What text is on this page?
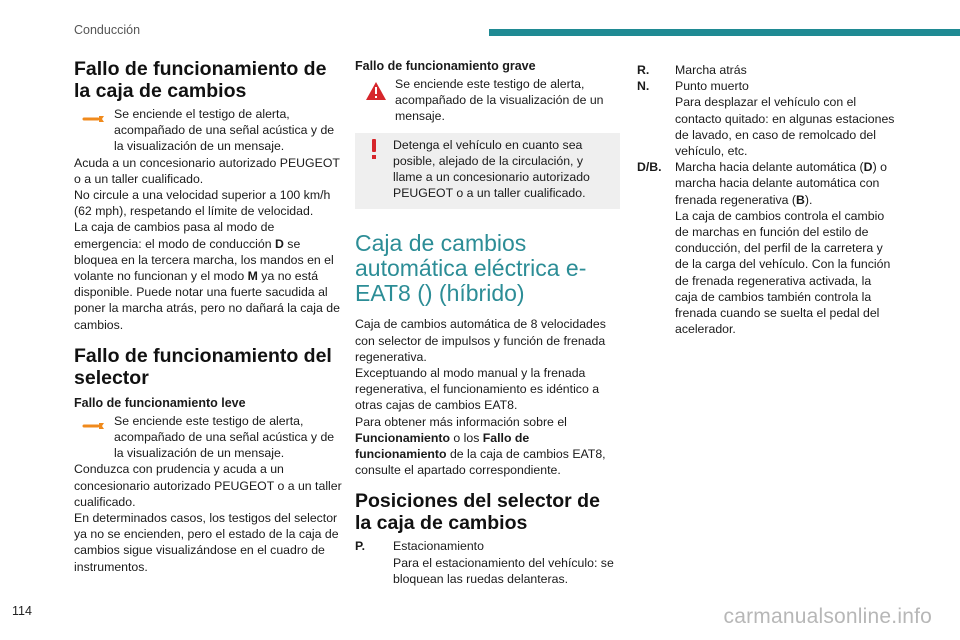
Conducción
Fallo de funcionamiento de la caja de cambios
Se enciende el testigo de alerta, acompañado de una señal acústica y de la visualización de un mensaje.
Acuda a un concesionario autorizado PEUGEOT o a un taller cualificado.
No circule a una velocidad superior a 100 km/h (62 mph), respetando el límite de velocidad.
La caja de cambios pasa al modo de emergencia: el modo de conducción D se bloquea en la tercera marcha, los mandos en el volante no funcionan y el modo M ya no está disponible. Puede notar una fuerte sacudida al poner la marcha atrás, pero no dañará la caja de cambios.
Fallo de funcionamiento del selector
Fallo de funcionamiento leve
Se enciende este testigo de alerta, acompañado de una señal acústica y de la visualización de un mensaje.
Conduzca con prudencia y acuda a un concesionario autorizado PEUGEOT o a un taller cualificado.
En determinados casos, los testigos del selector ya no se encienden, pero el estado de la caja de cambios sigue visualizándose en el cuadro de instrumentos.
Fallo de funcionamiento grave
Se enciende este testigo de alerta, acompañado de la visualización de un mensaje.
Detenga el vehículo en cuanto sea posible, alejado de la circulación, y llame a un concesionario autorizado PEUGEOT o a un taller cualificado.
Caja de cambios automática eléctrica e-EAT8 () (híbrido)
Caja de cambios automática de 8 velocidades con selector de impulsos y función de frenada regenerativa.
Exceptuando al modo manual y la frenada regenerativa, el funcionamiento es idéntico a otras cajas de cambios EAT8.
Para obtener más información sobre el Funcionamiento o los Fallo de funcionamiento de la caja de cambios EAT8, consulte el apartado correspondiente.
Posiciones del selector de la caja de cambios
P.	Estacionamiento
Para el estacionamiento del vehículo: se bloquean las ruedas delanteras.
R.	Marcha atrás
N.	Punto muerto
Para desplazar el vehículo con el contacto quitado: en algunas estaciones de lavado, en caso de remolcado del vehículo, etc.
D/B.	Marcha hacia delante automática (D) o marcha hacia delante automática con frenada regenerativa (B).
La caja de cambios controla el cambio de marchas en función del estilo de conducción, del perfil de la carretera y de la carga del vehículo. Con la función de frenada regenerativa activada, la caja de cambios también controla la frenada cuando se suelta el pedal del acelerador.
114	carmanualsonline.info
